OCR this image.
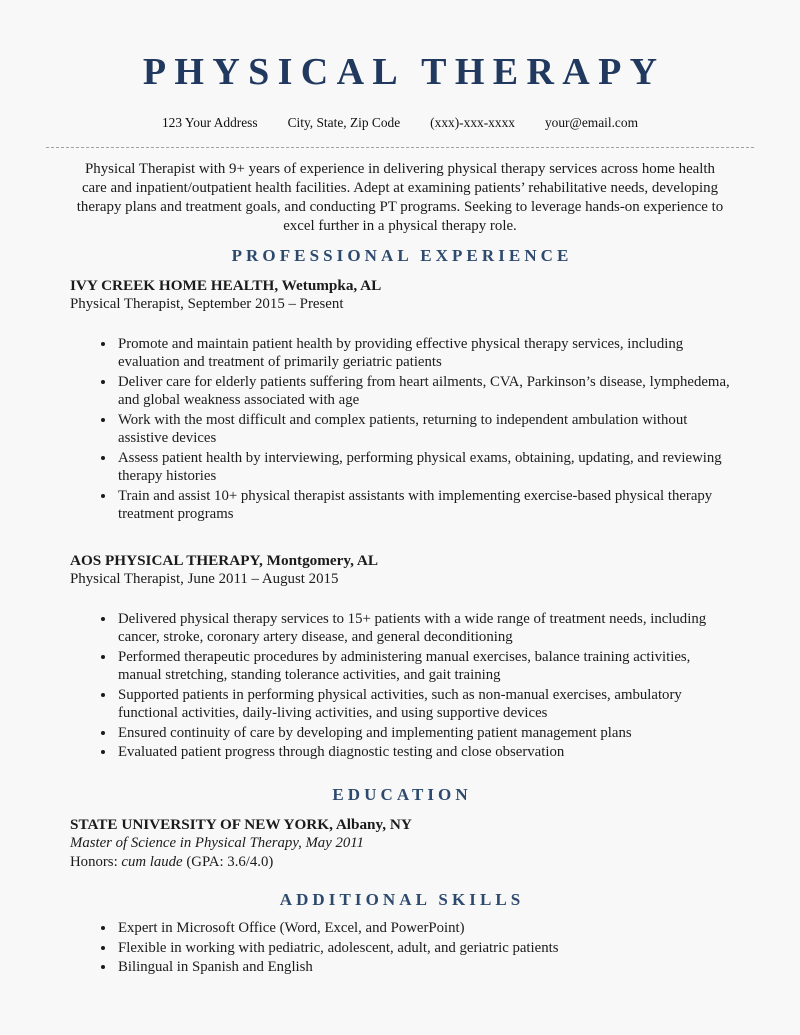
PHYSICAL THERAPY
123 Your Address City, State, Zip Code (xxx)-xxx-xxxx your@email.com

Physical Therapist with 9+ years of experience in delivering physical therapy services across home health care and inpatient/outpatient health facilities. Adept at examining patients’ rehabilitative needs, developing therapy plans and treatment goals, and conducting PT programs. Seeking to leverage hands-on experience to excel further in a physical therapy role.

PROFESSIONAL EXPERIENCE
IVY CREEK HOME HEALTH, Wetumpka, AL
Physical Therapist, September 2015 – Present
• Promote and maintain patient health by providing effective physical therapy services, including evaluation and treatment of primarily geriatric patients
• Deliver care for elderly patients suffering from heart ailments, CVA, Parkinson’s disease, lymphedema, and global weakness associated with age
• Work with the most difficult and complex patients, returning to independent ambulation without assistive devices
• Assess patient health by interviewing, performing physical exams, obtaining, updating, and reviewing therapy histories
• Train and assist 10+ physical therapist assistants with implementing exercise-based physical therapy treatment programs
AOS PHYSICAL THERAPY, Montgomery, AL
Physical Therapist, June 2011 – August 2015
• Delivered physical therapy services to 15+ patients with a wide range of treatment needs, including cancer, stroke, coronary artery disease, and general deconditioning
• Performed therapeutic procedures by administering manual exercises, balance training activities, manual stretching, standing tolerance activities, and gait training
• Supported patients in performing physical activities, such as non-manual exercises, ambulatory functional activities, daily-living activities, and using supportive devices
• Ensured continuity of care by developing and implementing patient management plans
• Evaluated patient progress through diagnostic testing and close observation
EDUCATION
STATE UNIVERSITY OF NEW YORK, Albany, NY
Master of Science in Physical Therapy, May 2011
Honors: cum laude (GPA: 3.6/4.0)
ADDITIONAL SKILLS
• Expert in Microsoft Office (Word, Excel, and PowerPoint)
• Flexible in working with pediatric, adolescent, adult, and geriatric patients
• Bilingual in Spanish and English
